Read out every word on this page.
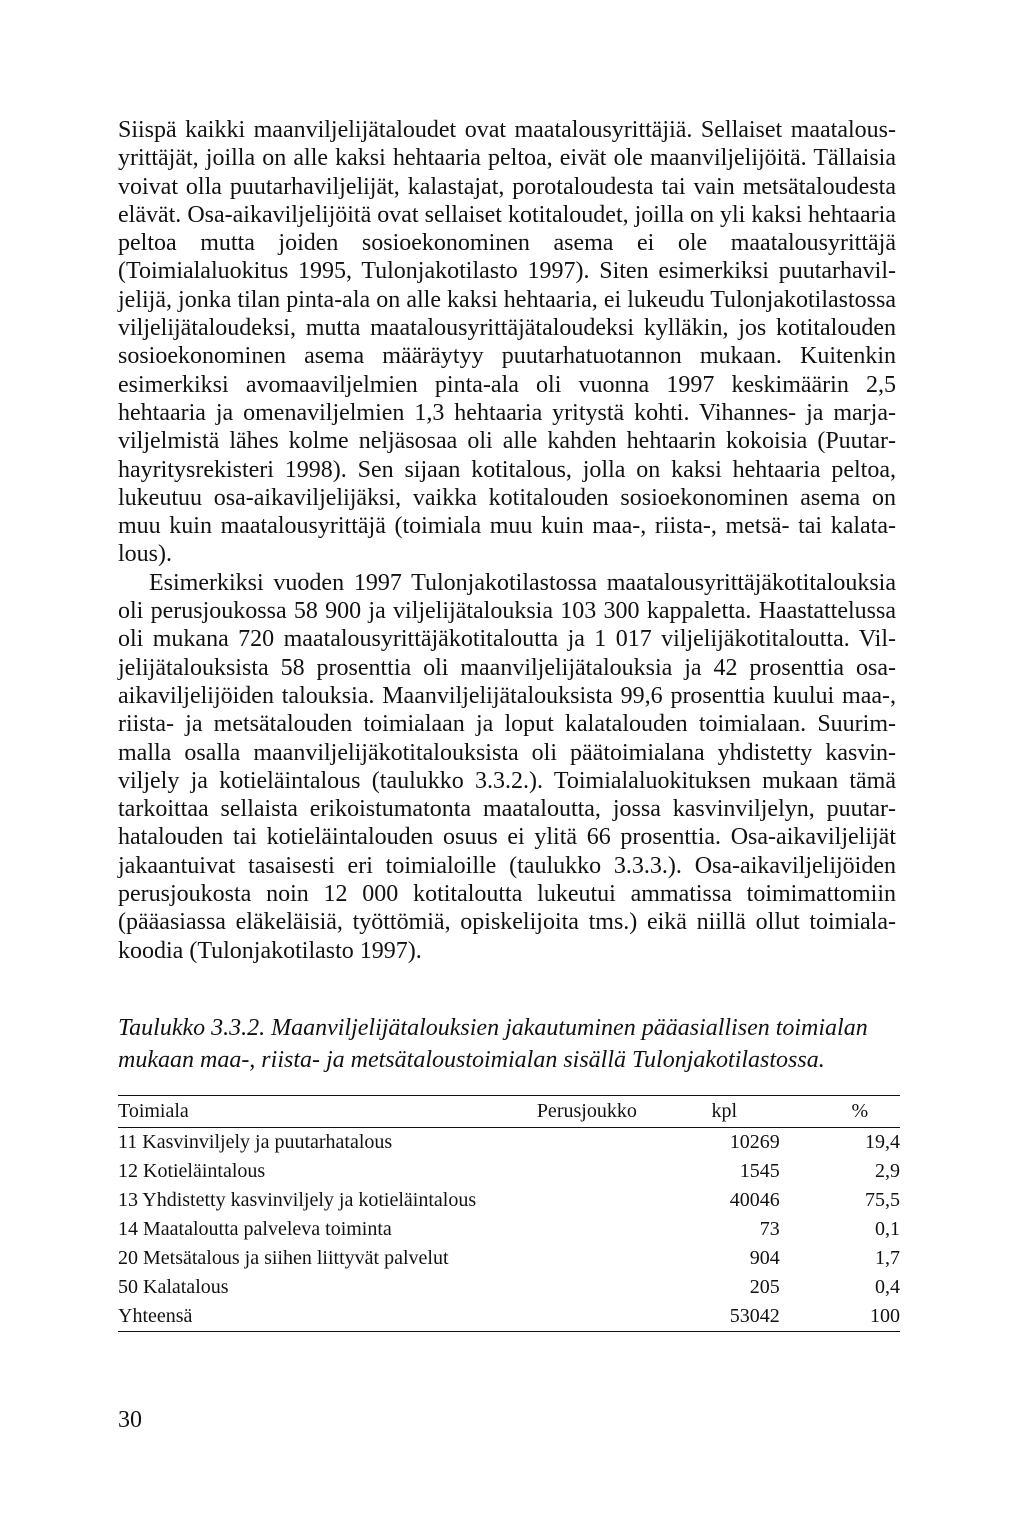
Siispä kaikki maanviljelijätaloudet ovat maatalousyrittäjiä. Sellaiset maatalousyrittäjät, joilla on alle kaksi hehtaaria peltoa, eivät ole maanviljelijöitä. Tällaisia voivat olla puutarhaviljelijät, kalastajat, porotaloudesta tai vain metsätaloudesta elävät. Osa-aikaviljelijöitä ovat sellaiset kotitaloudet, joilla on yli kaksi hehtaaria peltoa mutta joiden sosioekonominen asema ei ole maatalousyrittäjä (Toimialaluokitus 1995, Tulonjakotilasto 1997). Siten esimerkiksi puutarhaviljelijä, jonka tilan pinta-ala on alle kaksi hehtaaria, ei lukeudu Tulonjakotilastossa viljelijätaloudeksi, mutta maatalousyrittäjätaloudeksi kylläkin, jos kotitalouden sosioekonominen asema määräytyy puutarhatuotannon mukaan. Kuitenkin esimerkiksi avomaaviljelmien pinta-ala oli vuonna 1997 keskimäärin 2,5 hehtaaria ja omenaviljelmien 1,3 hehtaaria yritystä kohti. Vihannes- ja marjaviljelmistä lähes kolme neljäsosaa oli alle kahden hehtaarin kokoisia (Puutarhayritysrekisteri 1998). Sen sijaan kotitalous, jolla on kaksi hehtaaria peltoa, lukeutuu osa-aikaviljelijäksi, vaikka kotitalouden sosioekonominen asema on muu kuin maatalousyrittäjä (toimiala muu kuin maa-, riista-, metsä- tai kalatalous).

Esimerkiksi vuoden 1997 Tulonjakotilastossa maatalousyrittäjäkotitalouksia oli perusjoukossa 58 900 ja viljelijätalouksia 103 300 kappaletta. Haastattelussa oli mukana 720 maatalousyrittäjäkotitaloutta ja 1 017 viljelijäkotitaloutta. Viljelijätalouksista 58 prosenttia oli maanviljelijätalouksia ja 42 prosenttia osaaikaviljelijöiden talouksia. Maanviljelijätalouksista 99,6 prosenttia kuului maa-, riista- ja metsätalouden toimialaan ja loput kalatalouden toimialaan. Suurimmalla osalla maanviljelijäkotitalouksista oli päätoimialana yhdistetty kasvinviljely ja kotieläintalous (taulukko 3.3.2.). Toimialaluokituksen mukaan tämä tarkoittaa sellaista erikoistumatonta maataloutta, jossa kasvinviljelyn, puutarhatalouden tai kotieläintalouden osuus ei ylitä 66 prosenttia. Osa-aikaviljelijät jakaantuivat tasaisesti eri toimialoille (taulukko 3.3.3.). Osa-aikaviljelijöiden perusjoukosta noin 12 000 kotitaloutta lukeutui ammatissa toimimattomiin (pääasiassa eläkeläisiä, työttömiä, opiskelijoita tms.) eikä niillä ollut toimialakoodia (Tulonjakotilasto 1997).

Taulukko 3.3.2. Maanviljelijätalouksien jakautuminen pääasiallisen toimialan mukaan maa-, riista- ja metsätaloustoimialan sisällä Tulonjakotilastossa.
Toimiala	Perusjoukko	kpl	%
11 Kasvinviljely ja puutarhatalous		10269	19,4
12 Kotieläintalous		1545	2,9
13 Yhdistetty kasvinviljely ja kotieläintalous		40046	75,5
14 Maataloutta palveleva toiminta		73	0,1
20 Metsätalous ja siihen liittyvät palvelut		904	1,7
50 Kalatalous		205	0,4
Yhteensä		53042	100
30
